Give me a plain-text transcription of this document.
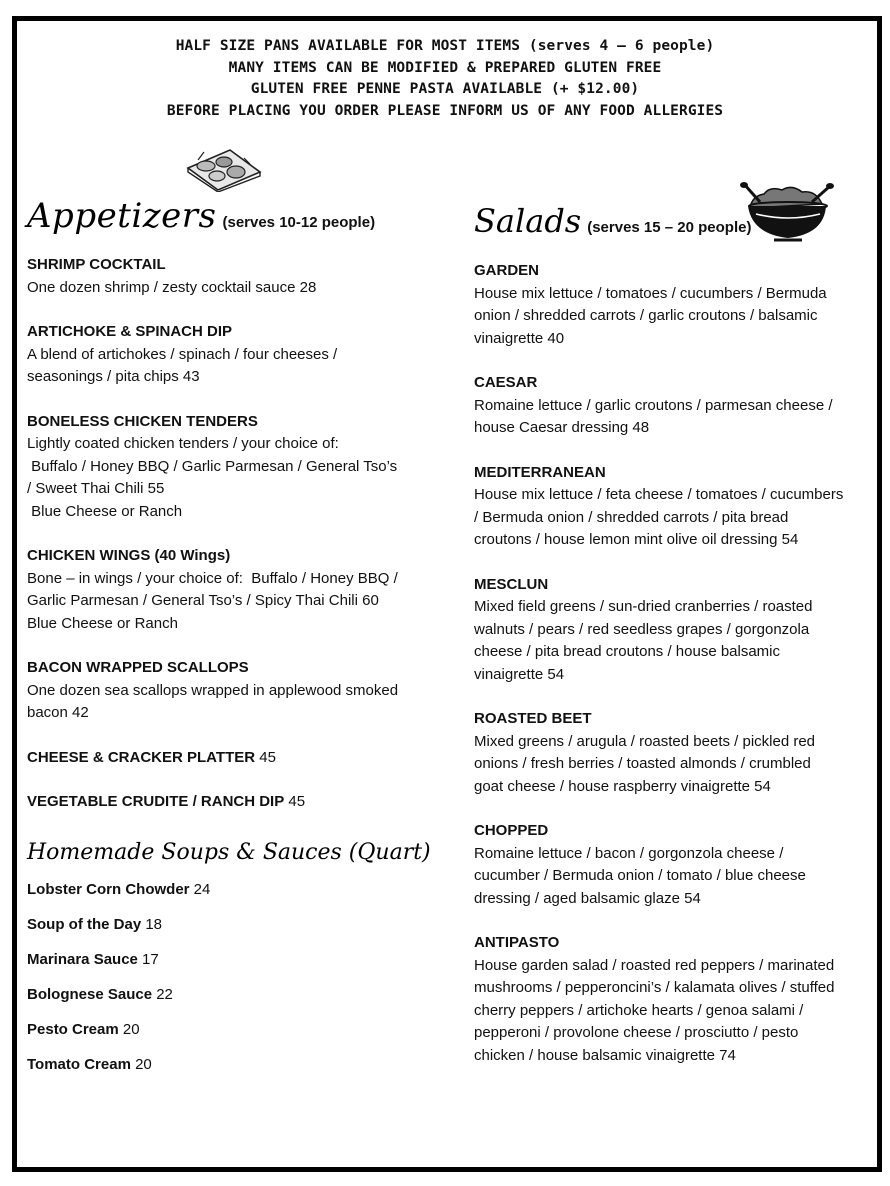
HALF SIZE PANS AVAILABLE FOR MOST ITEMS (serves 4 – 6 people)
MANY ITEMS CAN BE MODIFIED & PREPARED GLUTEN FREE
GLUTEN FREE PENNE PASTA AVAILABLE (+ $12.00)
BEFORE PLACING YOU ORDER PLEASE INFORM US OF ANY FOOD ALLERGIES
Appetizers (serves 10-12 people)
SHRIMP COCKTAIL
One dozen shrimp / zesty cocktail sauce 28
ARTICHOKE & SPINACH DIP
A blend of artichokes / spinach / four cheeses /
seasonings / pita chips 43
BONELESS CHICKEN TENDERS
Lightly coated chicken tenders / your choice of:
Buffalo / Honey BBQ / Garlic Parmesan / General Tso’s
/ Sweet Thai Chili 55
Blue Cheese or Ranch
CHICKEN WINGS (40 Wings)
Bone – in wings / your choice of:  Buffalo / Honey BBQ /
Garlic Parmesan / General Tso’s / Spicy Thai Chili 60
Blue Cheese or Ranch
BACON WRAPPED SCALLOPS
One dozen sea scallops wrapped in applewood smoked
bacon 42
CHEESE & CRACKER PLATTER 45
VEGETABLE CRUDITE / RANCH DIP 45
Homemade Soups & Sauces (Quart)
Lobster Corn Chowder 24
Soup of the Day 18
Marinara Sauce 17
Bolognese Sauce 22
Pesto Cream 20
Tomato Cream 20
Salads (serves 15 – 20 people)
GARDEN
House mix lettuce / tomatoes / cucumbers / Bermuda
onion / shredded carrots / garlic croutons / balsamic
vinaigrette 40
CAESAR
Romaine lettuce / garlic croutons / parmesan cheese /
house Caesar dressing 48
MEDITERRANEAN
House mix lettuce / feta cheese / tomatoes / cucumbers
/ Bermuda onion / shredded carrots / pita bread
croutons / house lemon mint olive oil dressing 54
MESCLUN
Mixed field greens / sun-dried cranberries / roasted
walnuts / pears / red seedless grapes / gorgonzola
cheese / pita bread croutons / house balsamic
vinaigrette 54
ROASTED BEET
Mixed greens / arugula / roasted beets / pickled red
onions / fresh berries / toasted almonds / crumbled
goat cheese / house raspberry vinaigrette 54
CHOPPED
Romaine lettuce / bacon / gorgonzola cheese /
cucumber / Bermuda onion / tomato / blue cheese
dressing / aged balsamic glaze 54
ANTIPASTO
House garden salad / roasted red peppers / marinated
mushrooms / pepperoncini’s / kalamata olives / stuffed
cherry peppers / artichoke hearts / genoa salami /
pepperoni / provolone cheese / prosciutto / pesto
chicken / house balsamic vinaigrette 74
